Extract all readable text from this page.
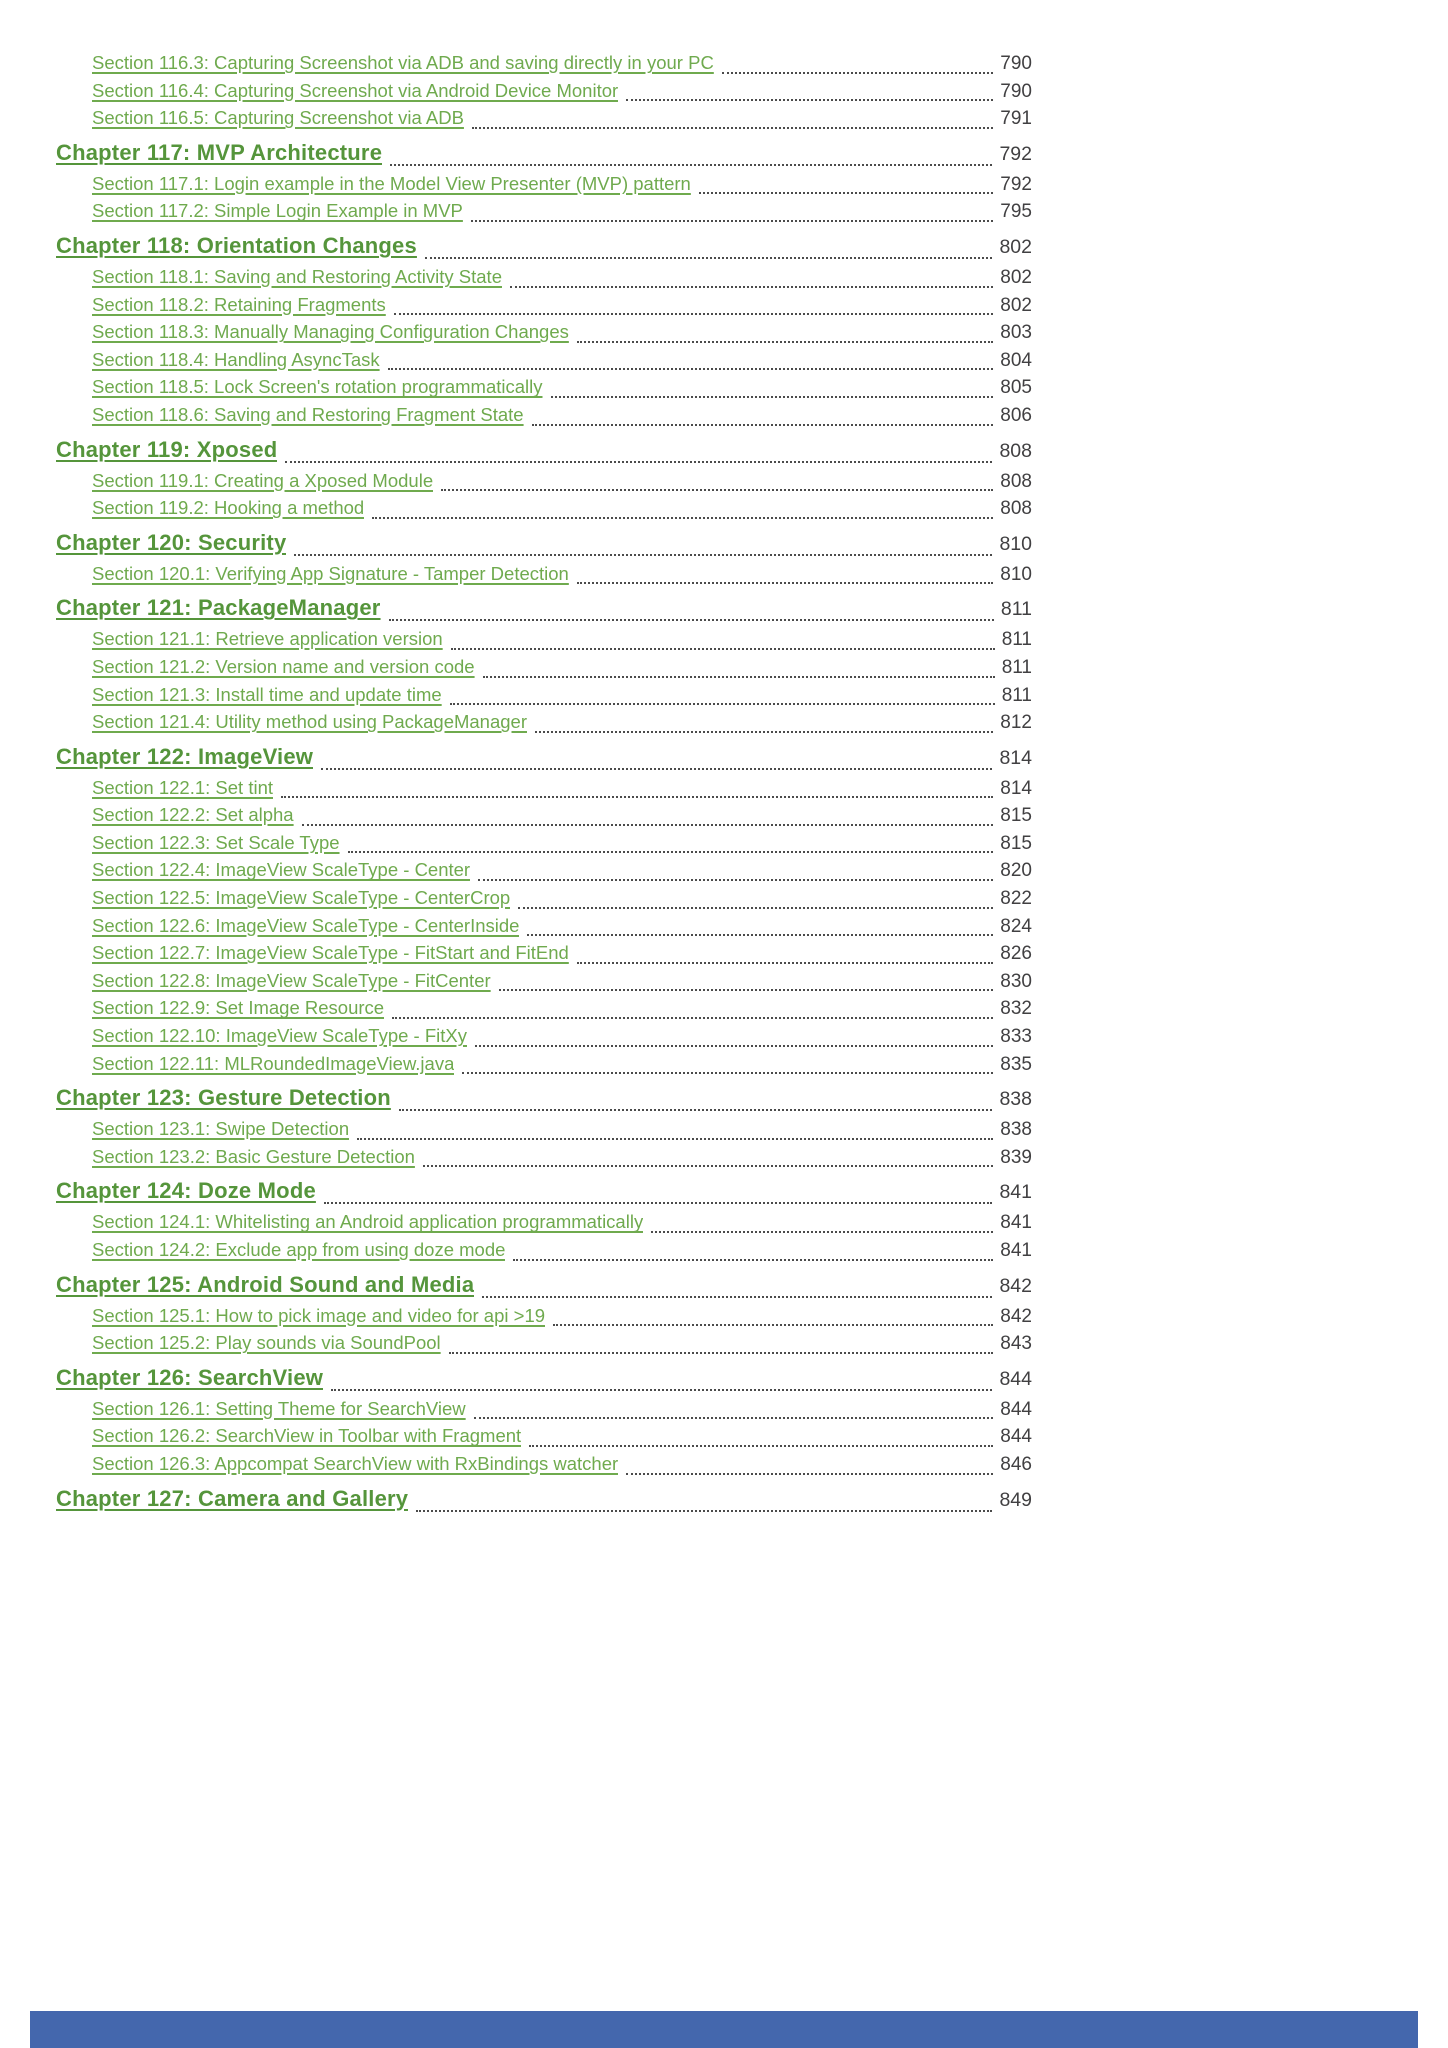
Section 116.3: Capturing Screenshot via ADB and saving directly in your PC	790
Section 116.4: Capturing Screenshot via Android Device Monitor	790
Section 116.5: Capturing Screenshot via ADB	791
Chapter 117: MVP Architecture	792
Section 117.1: Login example in the Model View Presenter (MVP) pattern	792
Section 117.2: Simple Login Example in MVP	795
Chapter 118: Orientation Changes	802
Section 118.1: Saving and Restoring Activity State	802
Section 118.2: Retaining Fragments	802
Section 118.3: Manually Managing Configuration Changes	803
Section 118.4: Handling AsyncTask	804
Section 118.5: Lock Screen's rotation programmatically	805
Section 118.6: Saving and Restoring Fragment State	806
Chapter 119: Xposed	808
Section 119.1: Creating a Xposed Module	808
Section 119.2: Hooking a method	808
Chapter 120: Security	810
Section 120.1: Verifying App Signature - Tamper Detection	810
Chapter 121: PackageManager	811
Section 121.1: Retrieve application version	811
Section 121.2: Version name and version code	811
Section 121.3: Install time and update time	811
Section 121.4: Utility method using PackageManager	812
Chapter 122: ImageView	814
Section 122.1: Set tint	814
Section 122.2: Set alpha	815
Section 122.3: Set Scale Type	815
Section 122.4: ImageView ScaleType - Center	820
Section 122.5: ImageView ScaleType - CenterCrop	822
Section 122.6: ImageView ScaleType - CenterInside	824
Section 122.7: ImageView ScaleType - FitStart and FitEnd	826
Section 122.8: ImageView ScaleType - FitCenter	830
Section 122.9: Set Image Resource	832
Section 122.10: ImageView ScaleType - FitXy	833
Section 122.11: MLRoundedImageView.java	835
Chapter 123: Gesture Detection	838
Section 123.1: Swipe Detection	838
Section 123.2: Basic Gesture Detection	839
Chapter 124: Doze Mode	841
Section 124.1: Whitelisting an Android application programmatically	841
Section 124.2: Exclude app from using doze mode	841
Chapter 125: Android Sound and Media	842
Section 125.1: How to pick image and video for api >19	842
Section 125.2: Play sounds via SoundPool	843
Chapter 126: SearchView	844
Section 126.1: Setting Theme for SearchView	844
Section 126.2: SearchView in Toolbar with Fragment	844
Section 126.3: Appcompat SearchView with RxBindings watcher	846
Chapter 127: Camera and Gallery	849
